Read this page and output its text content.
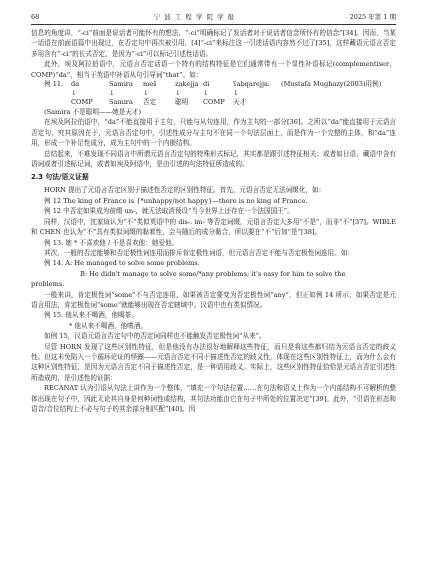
68	宁 波 工 程 学 院 学 报	2025 年第 1 期

信息的角度讲，“-ci”前面是说话者可能怀有的想法，“-ci”明确标记了发话者对于说话者信念所怀有的信念”[34]。因而，当某一话语在前面语篇中出现过，在否定句中再次被引用，[4]“-ci”来标注这一引述话语内容然不过了[35]，这样藏语元语言否定多用含有“-ci”的长式否定，是因为“-ci”可以标记引述性话语。

此外，埃及阿拉伯语中，元语言否定话语一个特有的结构特征是它们通常带有一个显性补语标记(complementiser，COMP)“da”，相当于英语中补语从句引导词“that”。如：

例 11.	da	Samira	meš	zakejja di	ʕabqarejja.	(Mustafa Mughazy(2003)用例)
↓	↓	↓	↓	↓	↓
COMP	Samira	否定	聪明	COMP	天才

(Samira 不是聪明——她是天才)

在埃及阿拉伯语中，“da”不能直接用于主句，只能与从句连用，作为主句的一部分[36]。之所以“da”能直接用于元语言否定句，究其原因在于，元语言否定句中，引述性成分与主句不在同一个句法层面上，而是作为一个完整的主体，和“da”连用，形成一个补足性成分，成为主句中的一个内嵌结构。

总结起来，不难发现不同语言中所谓元语言否定句的特殊形式标记，其实都是跟引述特征相关；或者如日语、藏语中含有语词或者引述标记词，或者如埃及阿语中，是由引述的句法特征所造成的。

2.3 句法/语义证据

HORN 提出了元语言否定区别于描述性否定的区别性特征。首先，元语言否定无法词缀化，如：

例 12 The king of France is {*unhappy/not happy}—there is no king of France.

例 12 中否定如果成为前缀 un-，就无法取消预设“当今世界上还存在一个法国国王”。

同样，汉语中，沈家煊认为“不”类似英语中的 dis-. im- 等否定词缀，元语言否定大多用“不是”，而非“不”[37]。WIBLE 和 CHEN 也认为“不”具有类似词缀的黏着性，会与随后的成分黏合，所以要在“不”后加“是”[38]。

例 13. 她 * 不喜欢他 / 不是喜欢他：她爱他。

其次，一般的否定能够和否定极性词连用而排斥肯定极性词语，但元语言否定不能与否定极性词连用。如：

例 14. A: He managed to solve some problems.

B: He didn't manage to solve some/*any problems; it's easy for him to solve the

problems.

一般来讲，肯定极性词“some”不与否定连用，如果被否定要变为否定极性词“any”，但正如例 14 所示，如果否定是元语言用法，肯定极性词“some”就能够出现在否定辖域中。汉语中也有类似情况。

例 15. 他从来不喝酒，他喝茶。

* 他从来不喝酒，他嗜酒。

如例 15，汉语元语言否定句中的否定词同样也不能触发否定极性词“从来”。

尽管 HORN 发现了这些区别性特征，但是他没有办法很好地解释这些特征，而只是将这些都归结为元语言否定的歧义性。但这未免陷入一个循环论证的怪圈——元语言否定不同于描述性否定的歧义性，体现在这些区别性特征上，而为什么会有这种区别性特征，是因为元语言否定不同于描述性否定，是一种语用歧义。实际上，这些区别性特征恰恰是元语言否定引述性所造成的，是引述性的证据：

RECANAT 认为引语从句法上讲作为一个整体，“填充一个句法位置……在句法和语义上作为一个内部结构不可解析的整体出现在句子中，因此无论其自身是何种词性或结构，其句法功能由它在句子中所处的位置决定”[39]。此外，“引语在形态和语音/音位结构上不必与句子的其余部分相匹配”[40]。因
